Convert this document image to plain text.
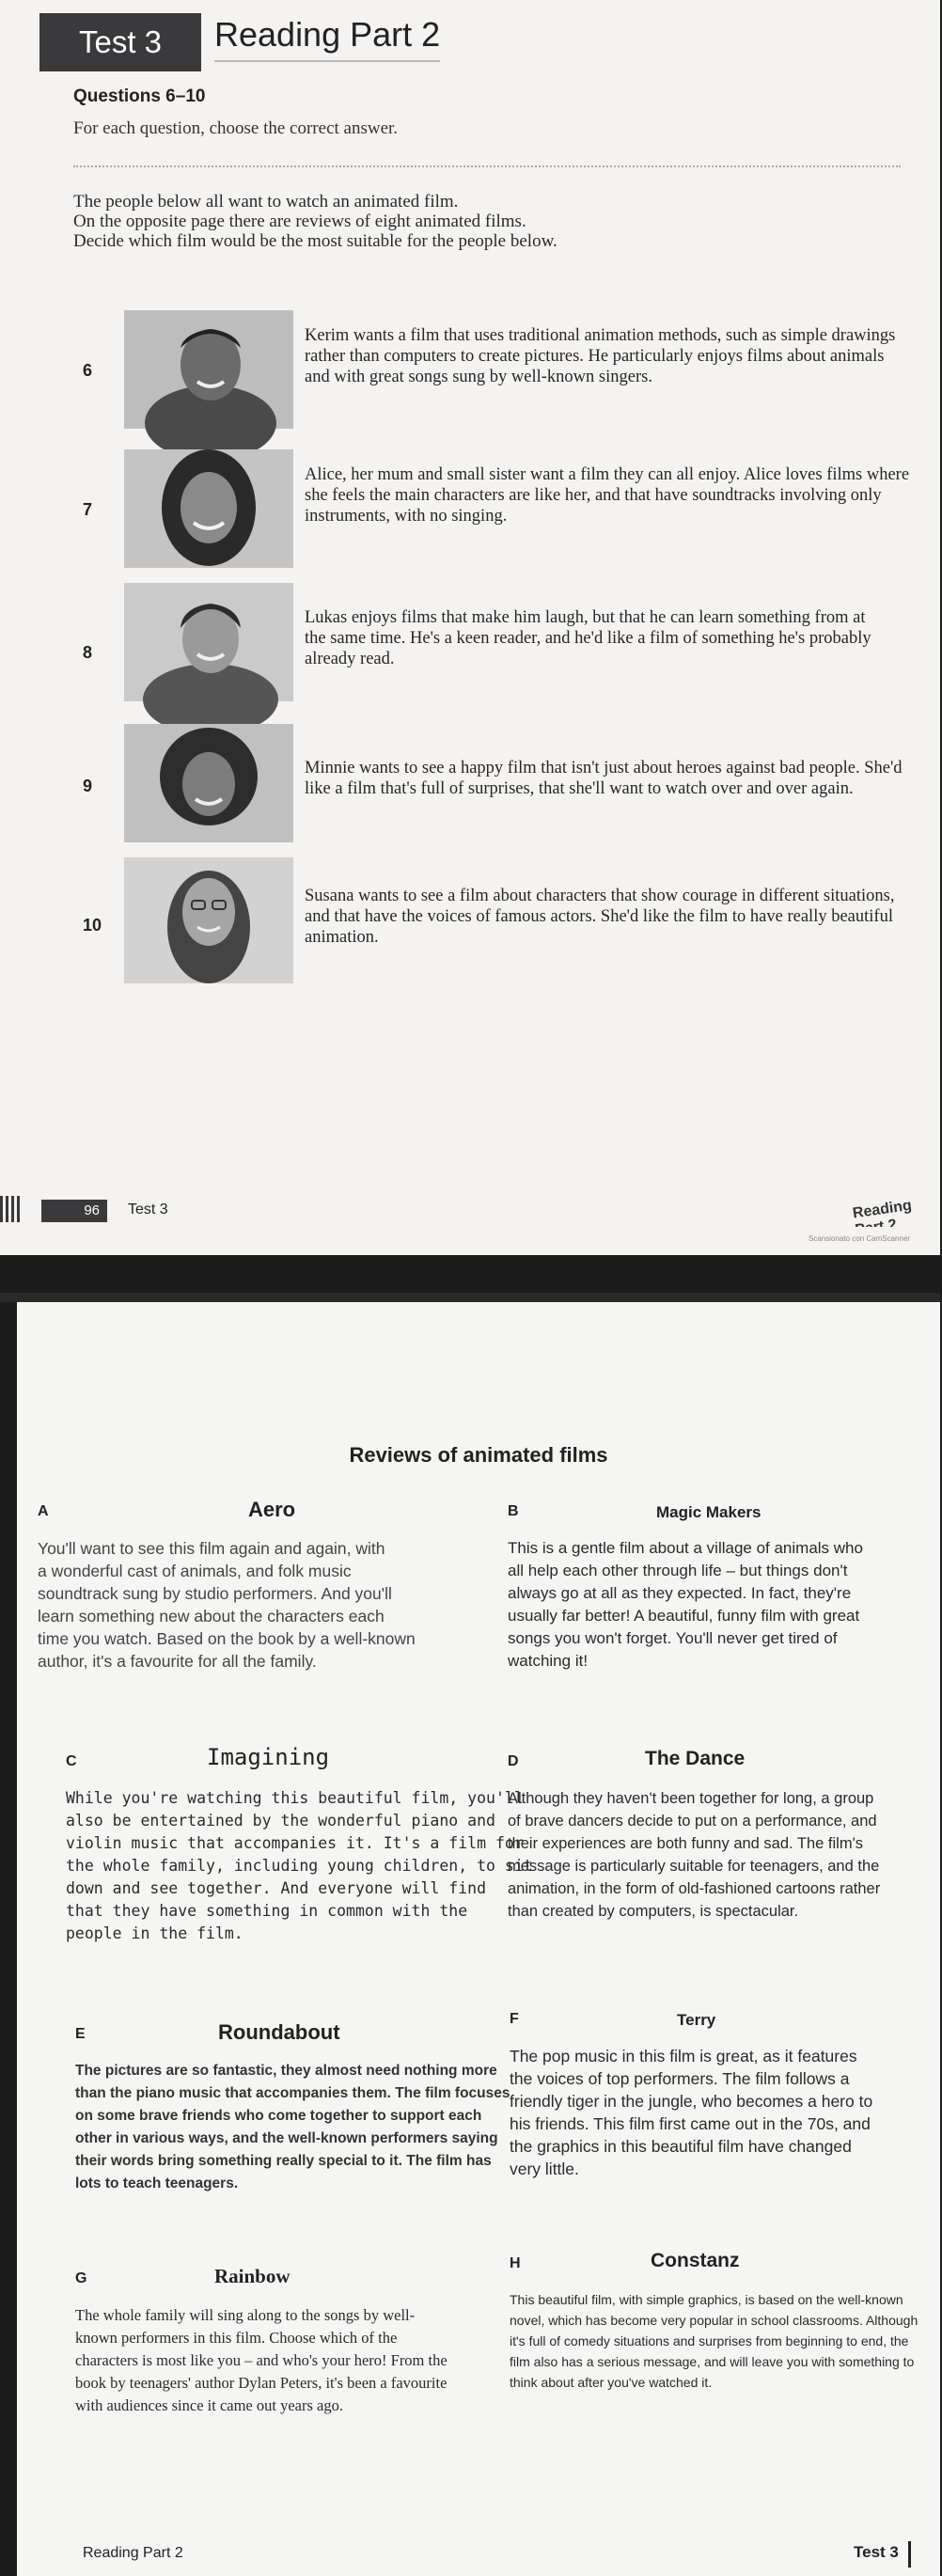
Test 3	Reading Part 2
Questions 6–10
For each question, choose the correct answer.

The people below all want to watch an animated film.

On the opposite page there are reviews of eight animated films.

Decide which film would be the most suitable for the people below.

6

Kerim wants a film that uses traditional animation methods, such as simple drawings

rather than computers to create pictures. He particularly enjoys films about animals

and with great songs sung by well-known singers.

7

Alice, her mum and small sister want a film they can all enjoy. Alice loves films where

she feels the main characters are like her, and that have soundtracks involving only

instruments, with no singing.

8

Lukas enjoys films that make him laugh, but that he can learn something from at

the same time. He's a keen reader, and he'd like a film of something he's probably

already read.

9

Minnie wants to see a happy film that isn't just about heroes against bad people. She'd

like a film that's full of surprises, that she'll want to watch over and over again.

10

Susana wants to see a film about characters that show courage in different situations,

and that have the voices of famous actors. She'd like the film to have really beautiful

animation.

96	Test 3	Reading 2
Scansionato con CamScanner
Reviews of animated films
A	Aero

You'll want to see this film again and again, with

a wonderful cast of animals, and folk music

soundtrack sung by studio performers. And you'll

learn something new about the characters each

time you watch. Based on the book by a well-known

author, it's a favourite for all the family.

B	Magic Makers

This is a gentle film about a village of animals who

all help each other through life – but things don't

always go at all as they expected. In fact, they're

usually far better! A beautiful, funny film with great

songs you won't forget. You'll never get tired of

watching it!

C	Imagining

While you're watching this beautiful film, you'll

also be entertained by the wonderful piano and

violin music that accompanies it. It's a film for

the whole family, including young children, to sit

down and see together. And everyone will find

that they have something in common with the

people in the film.

D	The Dance

Although they haven't been together for long, a group

of brave dancers decide to put on a performance, and

their experiences are both funny and sad. The film's

message is particularly suitable for teenagers, and the

animation, in the form of old-fashioned cartoons rather

than created by computers, is spectacular.

E	Roundabout

The pictures are so fantastic, they almost need nothing more

than the piano music that accompanies them. The film focuses

on some brave friends who come together to support each

other in various ways, and the well-known performers saying

their words bring something really special to it. The film has

lots to teach teenagers.

F	Terry

The pop music in this film is great, as it features

the voices of top performers. The film follows a

friendly tiger in the jungle, who becomes a hero to

his friends. This film first came out in the 70s, and

the graphics in this beautiful film have changed

very little.

G	Rainbow

The whole family will sing along to the songs by well-

known performers in this film. Choose which of the

characters is most like you – and who's your hero! From the

book by teenagers' author Dylan Peters, it's been a favourite

with audiences since it came out years ago.

H	Constanz

This beautiful film, with simple graphics, is based on the well-known

novel, which has become very popular in school classrooms. Although

it's full of comedy situations and surprises from beginning to end, the

film also has a serious message, and will leave you with something to

think about after you've watched it.

Reading Part 2	Test 3
